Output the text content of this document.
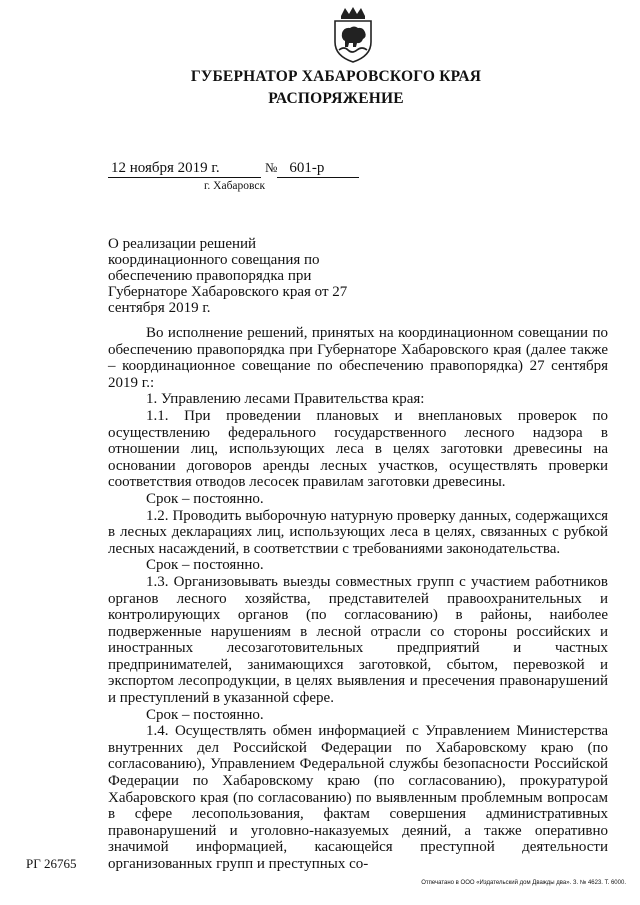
ГУБЕРНАТОР ХАБАРОВСКОГО КРАЯ
РАСПОРЯЖЕНИЕ
12 ноября 2019 г.	№ 601-р
г. Хабаровск
О реализации решений координационного совещания по обеспечению правопорядка при Губернаторе Хабаровского края от 27 сентября 2019 г.

Во исполнение решений, принятых на координационном совещании по обеспечению правопорядка при Губернаторе Хабаровского края (далее также – координационное совещание по обеспечению правопорядка) 27 сентября 2019 г.:

1. Управлению лесами Правительства края:

1.1. При проведении плановых и внеплановых проверок по осуществлению федерального государственного лесного надзора в отношении лиц, использующих леса в целях заготовки древесины на основании договоров аренды лесных участков, осуществлять проверки соответствия отводов лесосек правилам заготовки древесины.

Срок – постоянно.

1.2. Проводить выборочную натурную проверку данных, содержащихся в лесных декларациях лиц, использующих леса в целях, связанных с рубкой лесных насаждений, в соответствии с требованиями законодательства.

Срок – постоянно.

1.3. Организовывать выезды совместных групп с участием работников органов лесного хозяйства, представителей правоохранительных и контролирующих органов (по согласованию) в районы, наиболее подверженные нарушениям в лесной отрасли со стороны российских и иностранных лесозаготовительных предприятий и частных предпринимателей, занимающихся заготовкой, сбытом, перевозкой и экспортом лесопродукции, в целях выявления и пресечения правонарушений и преступлений в указанной сфере.

Срок – постоянно.

1.4. Осуществлять обмен информацией с Управлением Министерства внутренних дел Российской Федерации по Хабаровскому краю (по согласованию), Управлением Федеральной службы безопасности Российской Федерации по Хабаровскому краю (по согласованию), прокуратурой Хабаровского края (по согласованию) по выявленным проблемным вопросам в сфере лесопользования, фактам совершения административных правонарушений и уголовно-наказуемых деяний, а также оперативно значимой информацией, касающейся преступной деятельности организованных групп и преступных со-

РГ 26765
Отпечатано в ООО «Издательский дом Дважды два». З. № 4623. Т. 6000.
